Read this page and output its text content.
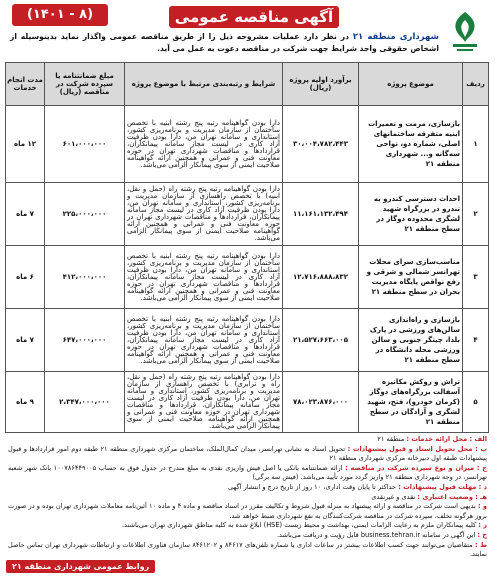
آگهی مناقصه عمومی
(۸ - ۱۴۰۱)
شهرداری منطقه ۲۱ در نظر دارد عملیات مشروحه ذیل را از طریق مناقصه عمومی واگذار نماید بدینوسیله از اشخاص حقوقی واجد شرایط جهت شرکت در مناقصه دعوت به عمل می آید.
ردیف	موضوع پروژه	برآورد اولیه پروژه (ریال)	شرایط و رتبه‌بندی مرتبط با موضوع پروژه	مبلغ ضمانتنامه یا سپرده شرکت در مناقصه (ریال)	مدت انجام خدمات
۱	بازسازی، مرمت و تعمیرات ابنیه متفرقه ساختمانهای اصلی، شماره دو، نواحی سه‌گانه و... شهرداری منطقه ۲۱	۳۰،۰۰۴،۷۸۲،۴۴۳	دارا بودن گواهینامه رتبه پنج رشته ابنیه با تخصص ساختمان از سازمان مدیریت و برنامه‌ریزی کشور، استانداری و سامانه تهران من، دارا بودن ظرفیت آزاد کاری در لیست مجاز سامانه پیمانکاران، قراردادها و مناقصات شهرداری تهران در حوزه معاونت فنی و عمرانی و همچنین ارائه گواهینامه صلاحیت ایمنی از سوی پیمانکار الزامی می‌باشد.	۶۰۱،۰۰۰،۰۰۰	۱۲ ماه
۲	احداث دسترسی کندرو به تندرو در بزرگراه شهید لشگری محدوده دوگاز در سطح منطقه ۲۱	۱۱،۱۶۱،۱۳۲،۴۹۴	دارا بودن گواهینامه رتبه پنج رشته راه (حمل و نقل، ابنیه) با تخصص راهسازی از سازمان مدیریت و برنامه‌ریزی کشور، استانداری و سامانه تهران من، دارا بودن ظرفیت آزاد کاری در لیست مجاز سامانه پیمانکاران، قراردادها و مناقصات شهرداری تهران در حوزه معاونت فنی و عمرانی و همچنین ارائه گواهینامه صلاحیت ایمنی از سوی پیمانکار الزامی می‌باشد.	۲۲۵،۰۰۰،۰۰۰	۷ ماه
۳	مناسب‌سازی سرای محلات تهرانسر شمالی و شرقی و رفع نواقص پایگاه مدیریت بحران در سطح منطقه ۲۱	۱۲،۷۱۶،۸۸۸،۸۳۲	دارا بودن گواهینامه رتبه پنج رشته ابنیه با تخصص ساختمان از سازمان مدیریت و برنامه‌ریزی کشور، استانداری و سامانه تهران من، دارا بودن ظرفیت آزاد کاری در لیست مجاز سامانه پیمانکاران، قراردادها و مناقصات شهرداری تهران در حوزه معاونت فنی و عمرانی و همچنین ارائه گواهینامه صلاحیت ایمنی از سوی پیمانکار الزامی می‌باشد.	۴۱۲،۰۰۰،۰۰۰	۶ ماه
۴	بازسازی و راه‌اندازی سالن‌های ورزشی در پارک بلدا، چیتگر جنوبی و سالن ورزشی محله دانشگاه در سطح منطقه ۲۱	۲۱،۵۲۷،۶۶۳،۰۰۵	دارا بودن گواهینامه رتبه پنج رشته ابنیه با تخصص ساختمان از سازمان مدیریت و برنامه‌ریزی کشور، استانداری و سامانه تهران من، دارا بودن ظرفیت آزاد کاری در لیست مجاز سامانه پیمانکاران، قراردادها و مناقصات شهرداری تهران در حوزه معاونت فنی و عمرانی و همچنین ارائه گواهینامه صلاحیت ایمنی از سوی پیمانکار الزامی می‌باشد.	۶۴۷،۰۰۰،۰۰۰	۷ ماه
۵	تراش و روکش مکانیزه آسفالت بزرگراه‌های دوگاز (کرمان خودرو)، فتح، شهید لشگری و آزادگان در سطح منطقه ۲۱	۷۸،۰۲۳،۸۷۶،۰۰۰	دارا بودن گواهینامه رتبه پنج رشته راه (حمل و نقل، راه و ترابری) با تخصص راهسازی از سازمان مدیریت و برنامه‌ریزی کشور، استانداری و سامانه تهران من، دارا بودن ظرفیت آزاد کاری در لیست مجاز سامانه پیمانکاران، قراردادها و مناقصات شهرداری تهران در حوزه معاونت فنی و عمرانی و همچنین ارائه گواهینامه صلاحیت ایمنی از سوی پیمانکار الزامی می‌باشد.	۲،۳۴۷،۰۰۰،۰۰۰	۹ ماه
الف : محل ارائه خدمات : منطقه ۲۱
ب : محل تحویل اسناد و قبول پیشنهادات : تحویل اسناد به نشانی تهرانسر، میدان کمال‌الملک، ساختمان مرکزی شهرداری منطقه ۲۱ طبقه دوم امور قراردادها و قبول پیشنهادات طبقه اول دبیرخانه مرکزی شهرداری منطقه ۲۱
ج : میزان و نوع سپرده شرکت در مناقصه : ارائه ضمانتنامه بانکی یا اصل فیش واریزی نقدی به مبلغ مندرج در جدول فوق به حساب ۱۰۰۷۸۶۴۴۹۰۰۵ بانک شهر شعبه تهرانسر، در وجه شهرداری منطقه ۲۱ واریز گردد مورد تأیید می‌باشد. (فیش سه برگی)
د : مهلت قبول پیشنهادات : حداکثر تا پایان وقت اداری، ۱۰ روز از تاریخ درج و انتشار آگهی
هـ : وضعیت اعتباری : نقدی و غیرنقدی
و : بدیهی است شرکت در مناقصه و ارائه پیشنهاد به منزله قبول شروط و تکالیف مقرر در اسناد مناقصه و ماده ۴ و ماده ۱۰ آئین‌نامه معاملات شهرداری تهران بوده و در صورت بروز هرگونه تخلف، سپرده شرکت در مناقصه شرکت‌کنندگان به نفع شهرداری ضبط خواهد شد.
ز : کلیه پیمانکاران ملزم به رعایت الزامات ایمنی، بهداشت و محیط زیست (HSE) ابلاغ شده به کلیه مناطق شهرداری تهران می‌باشند.
ح : این آگهی در سامانه business.tehran.ir قابل رؤیت و دریافت می‌باشد.
ط : متقاضیان می‌توانند جهت کسب اطلاعات بیشتر در ساعات اداری با شماره تلفن‌های ۸۴۶۱۷ و ۸۴۶۱۲۰۲ سازمان فناوری اطلاعات و ارتباطات شهرداری تهران تماس حاصل نمایند.
روابط عمومی شهرداری منطقه ۲۱
